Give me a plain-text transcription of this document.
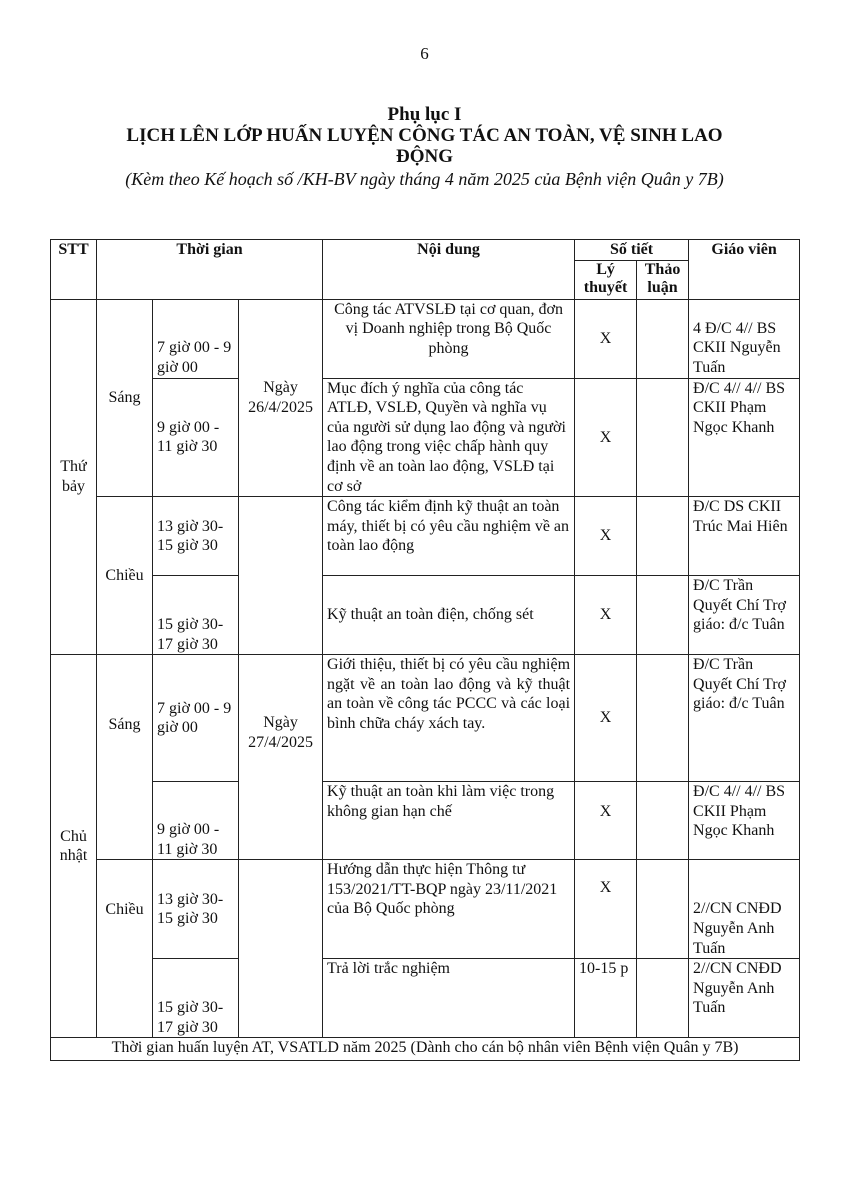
6
Phụ lục I
LỊCH LÊN LỚP HUẤN LUYỆN CÔNG TÁC AN TOÀN, VỆ SINH LAO ĐỘNG
(Kèm theo Kế hoạch số /KH-BV ngày tháng 4 năm 2025 của Bệnh viện Quân y 7B)
STT	Thời gian			Nội dung	Số tiết		Giáo viên
					Lý thuyết	Thảo luận	
Thứ bảy	Sáng	7 giờ 00 - 9 giờ 00	Ngày 26/4/2025	Công tác ATVSLĐ tại cơ quan, đơn vị Doanh nghiệp trong Bộ Quốc phòng	X		4 Đ/C 4// BS CKII Nguyễn Tuấn
		9 giờ 00 - 11 giờ 30		Mục đích ý nghĩa của công tác ATLĐ, VSLĐ, Quyền và nghĩa vụ của người sử dụng lao động và người lao động trong việc chấp hành quy định về an toàn lao động, VSLĐ tại cơ sở	X		Đ/C 4// 4// BS CKII Phạm Ngọc Khanh
	Chiều	13 giờ 30- 15 giờ 30		Công tác kiểm định kỹ thuật an toàn máy, thiết bị có yêu cầu nghiệm về an toàn lao động	X		Đ/C DS CKII Trúc Mai Hiên
		15 giờ 30- 17 giờ 30		Kỹ thuật an toàn điện, chống sét	X		Đ/C Trần Quyết Chí Trợ giáo: đ/c Tuân
Chủ nhật	Sáng	7 giờ 00 - 9 giờ 00	Ngày 27/4/2025	Giới thiệu, thiết bị có yêu cầu nghiệm ngặt về an toàn lao động và kỹ thuật an toàn về công tác PCCC và các loại bình chữa cháy xách tay.	X		Đ/C Trần Quyết Chí Trợ giáo: đ/c Tuân
		9 giờ 00 - 11 giờ 30		Kỹ thuật an toàn khi làm việc trong không gian hạn chế	X		Đ/C 4// 4// BS CKII Phạm Ngọc Khanh
	Chiều	13 giờ 30- 15 giờ 30		Hướng dẫn thực hiện Thông tư 153/2021/TT-BQP ngày 23/11/2021 của Bộ Quốc phòng	X		2//CN CNĐD Nguyễn Anh Tuấn
		15 giờ 30- 17 giờ 30		Trả lời trắc nghiệm	10-15 p		2//CN CNĐD Nguyễn Anh Tuấn
Thời gian huấn luyện AT, VSATLD năm 2025 (Dành cho cán bộ nhân viên Bệnh viện Quân y 7B)							
